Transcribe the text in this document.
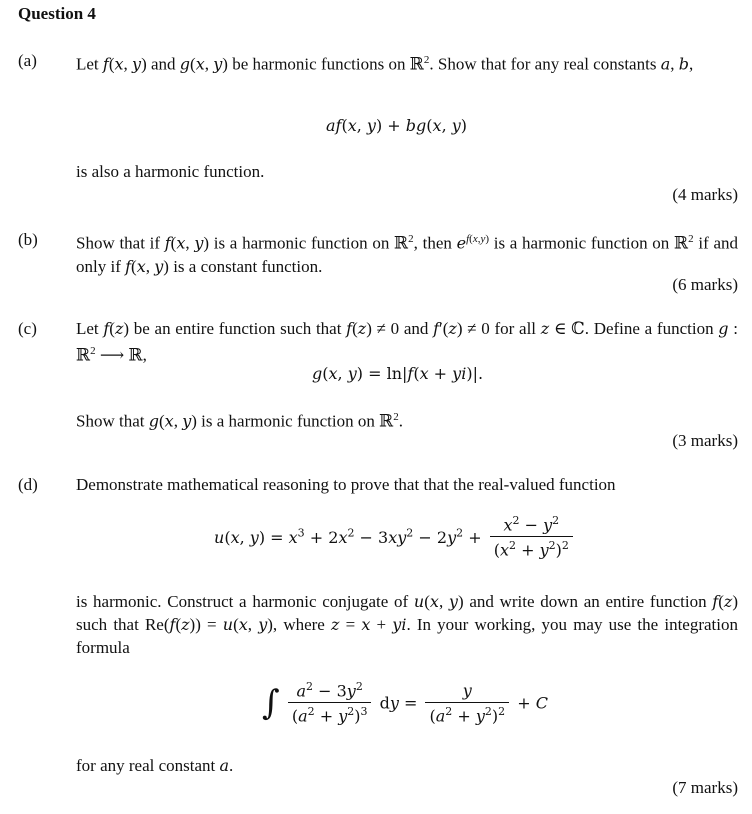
Question 4
(a) Let f(x, y) and g(x, y) be harmonic functions on ℝ$^2$. Show that for any real constants a, b,
af(x, y) + bg(x, y)
is also a harmonic function.
(4 marks)
(b) Show that if f(x, y) is a harmonic function on ℝ$^2$, then $e^{f(x,y)}$ is a harmonic function on ℝ$^2$ if and only if f(x, y) is a constant function.
(6 marks)
(c) Let f(z) be an entire function such that f(z) ≠ 0 and f′(z) ≠ 0 for all z ∈ ℂ. Define a function g : ℝ$^2$ ⟶ ℝ,
g(x, y) = ln|f(x + yi)|.
Show that g(x, y) is a harmonic function on ℝ$^2$.
(3 marks)
(d) Demonstrate mathematical reasoning to prove that that the real-valued function
u(x, $y) = x^3 + 2x^2 - 3xy^2 - 2y^2 + \frac{x^2 - y^2}{(x^2 + y^2)^2}$
is harmonic. Construct a harmonic conjugate of u(x, y) and write down an entire function f(z) such that Re(f(z)) = u(x, y), where z = x + yi. In your working, you may use the integration formula
∫ $\frac{a^2 - 3y^2}{(a^2 + y^2)^3}$ dy = $\frac{y}{(a^2 + y^2)^2} + C$
for any real constant a.
(7 marks)
